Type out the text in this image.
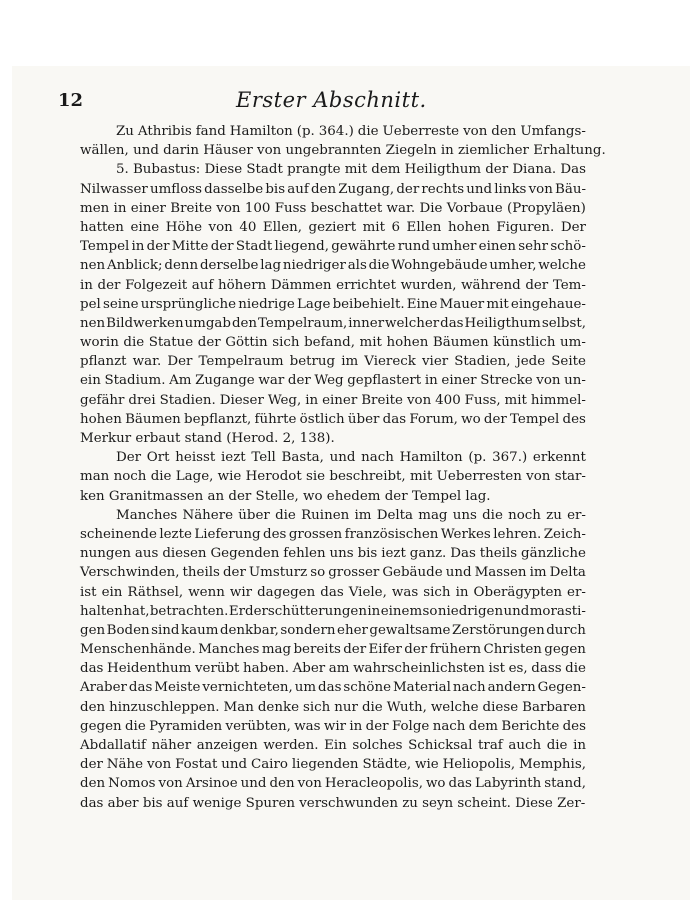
12	Erster Abschnitt.
Zu Athribis fand Hamilton (p. 364.) die Ueberreste von den Umfangs-
wällen, und darin Häuser von ungebrannten Ziegeln in ziemlicher Erhaltung.
5. Bubastus: Diese Stadt prangte mit dem Heiligthum der Diana. Das
Nilwasser umfloss dasselbe bis auf den Zugang, der rechts und links von Bäu-
men in einer Breite von 100 Fuss beschattet war. Die Vorbaue (Propyläen)
hatten eine Höhe von 40 Ellen, geziert mit 6 Ellen hohen Figuren. Der
Tempel in der Mitte der Stadt liegend, gewährte rund umher einen sehr schö-
nen Anblick; denn derselbe lag niedriger als die Wohngebäude umher, welche
in der Folgezeit auf höhern Dämmen errichtet wurden, während der Tem-
pel seine ursprüngliche niedrige Lage beibehielt. Eine Mauer mit eingehaue-
nen Bildwerken umgab den Tempelraum, inner welcher das Heiligthum selbst,
worin die Statue der Göttin sich befand, mit hohen Bäumen künstlich um-
pflanzt war. Der Tempelraum betrug im Viereck vier Stadien, jede Seite
ein Stadium. Am Zugange war der Weg gepflastert in einer Strecke von un-
gefähr drei Stadien. Dieser Weg, in einer Breite von 400 Fuss, mit himmel-
hohen Bäumen bepflanzt, führte östlich über das Forum, wo der Tempel des
Merkur erbaut stand (Herod. 2, 138).
Der Ort heisst iezt Tell Basta, und nach Hamilton (p. 367.) erkennt
man noch die Lage, wie Herodot sie beschreibt, mit Ueberresten von star-
ken Granitmassen an der Stelle, wo ehedem der Tempel lag.
Manches Nähere über die Ruinen im Delta mag uns die noch zu er-
scheinende lezte Lieferung des grossen französischen Werkes lehren. Zeich-
nungen aus diesen Gegenden fehlen uns bis iezt ganz. Das theils gänzliche
Verschwinden, theils der Umsturz so grosser Gebäude und Massen im Delta
ist ein Räthsel, wenn wir dagegen das Viele, was sich in Oberägypten er-
halten hat, betrachten. Erderschütterungen in einem so niedrigen und morasti-
gen Boden sind kaum denkbar, sondern eher gewaltsame Zerstörungen durch
Menschenhände. Manches mag bereits der Eifer der frühern Christen gegen
das Heidenthum verübt haben. Aber am wahrscheinlichsten ist es, dass die
Araber das Meiste vernichteten, um das schöne Material nach andern Gegen-
den hinzuschleppen. Man denke sich nur die Wuth, welche diese Barbaren
gegen die Pyramiden verübten, was wir in der Folge nach dem Berichte des
Abdallatif näher anzeigen werden. Ein solches Schicksal traf auch die in
der Nähe von Fostat und Cairo liegenden Städte, wie Heliopolis, Memphis,
den Nomos von Arsinoe und den von Heracleopolis, wo das Labyrinth stand,
das aber bis auf wenige Spuren verschwunden zu seyn scheint. Diese Zer-
